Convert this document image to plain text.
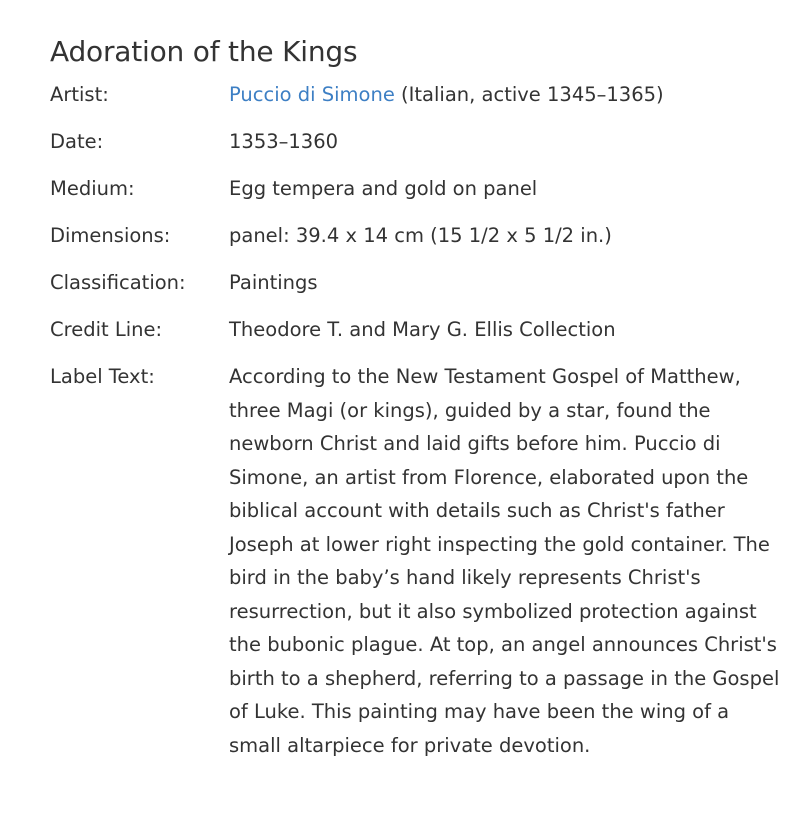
Adoration of the Kings
Artist:	Puccio di Simone (Italian, active 1345–1365)
Date:	1353–1360
Medium:	Egg tempera and gold on panel
Dimensions:	panel: 39.4 x 14 cm (15 1/2 x 5 1/2 in.)
Classification:	Paintings
Credit Line:	Theodore T. and Mary G. Ellis Collection
Label Text:	According to the New Testament Gospel of Matthew, three Magi (or kings), guided by a star, found the newborn Christ and laid gifts before him. Puccio di Simone, an artist from Florence, elaborated upon the biblical account with details such as Christ's father Joseph at lower right inspecting the gold container. The bird in the baby’s hand likely represents Christ's resurrection, but it also symbolized protection against the bubonic plague. At top, an angel announces Christ's birth to a shepherd, referring to a passage in the Gospel of Luke. This painting may have been the wing of a small altarpiece for private devotion.
